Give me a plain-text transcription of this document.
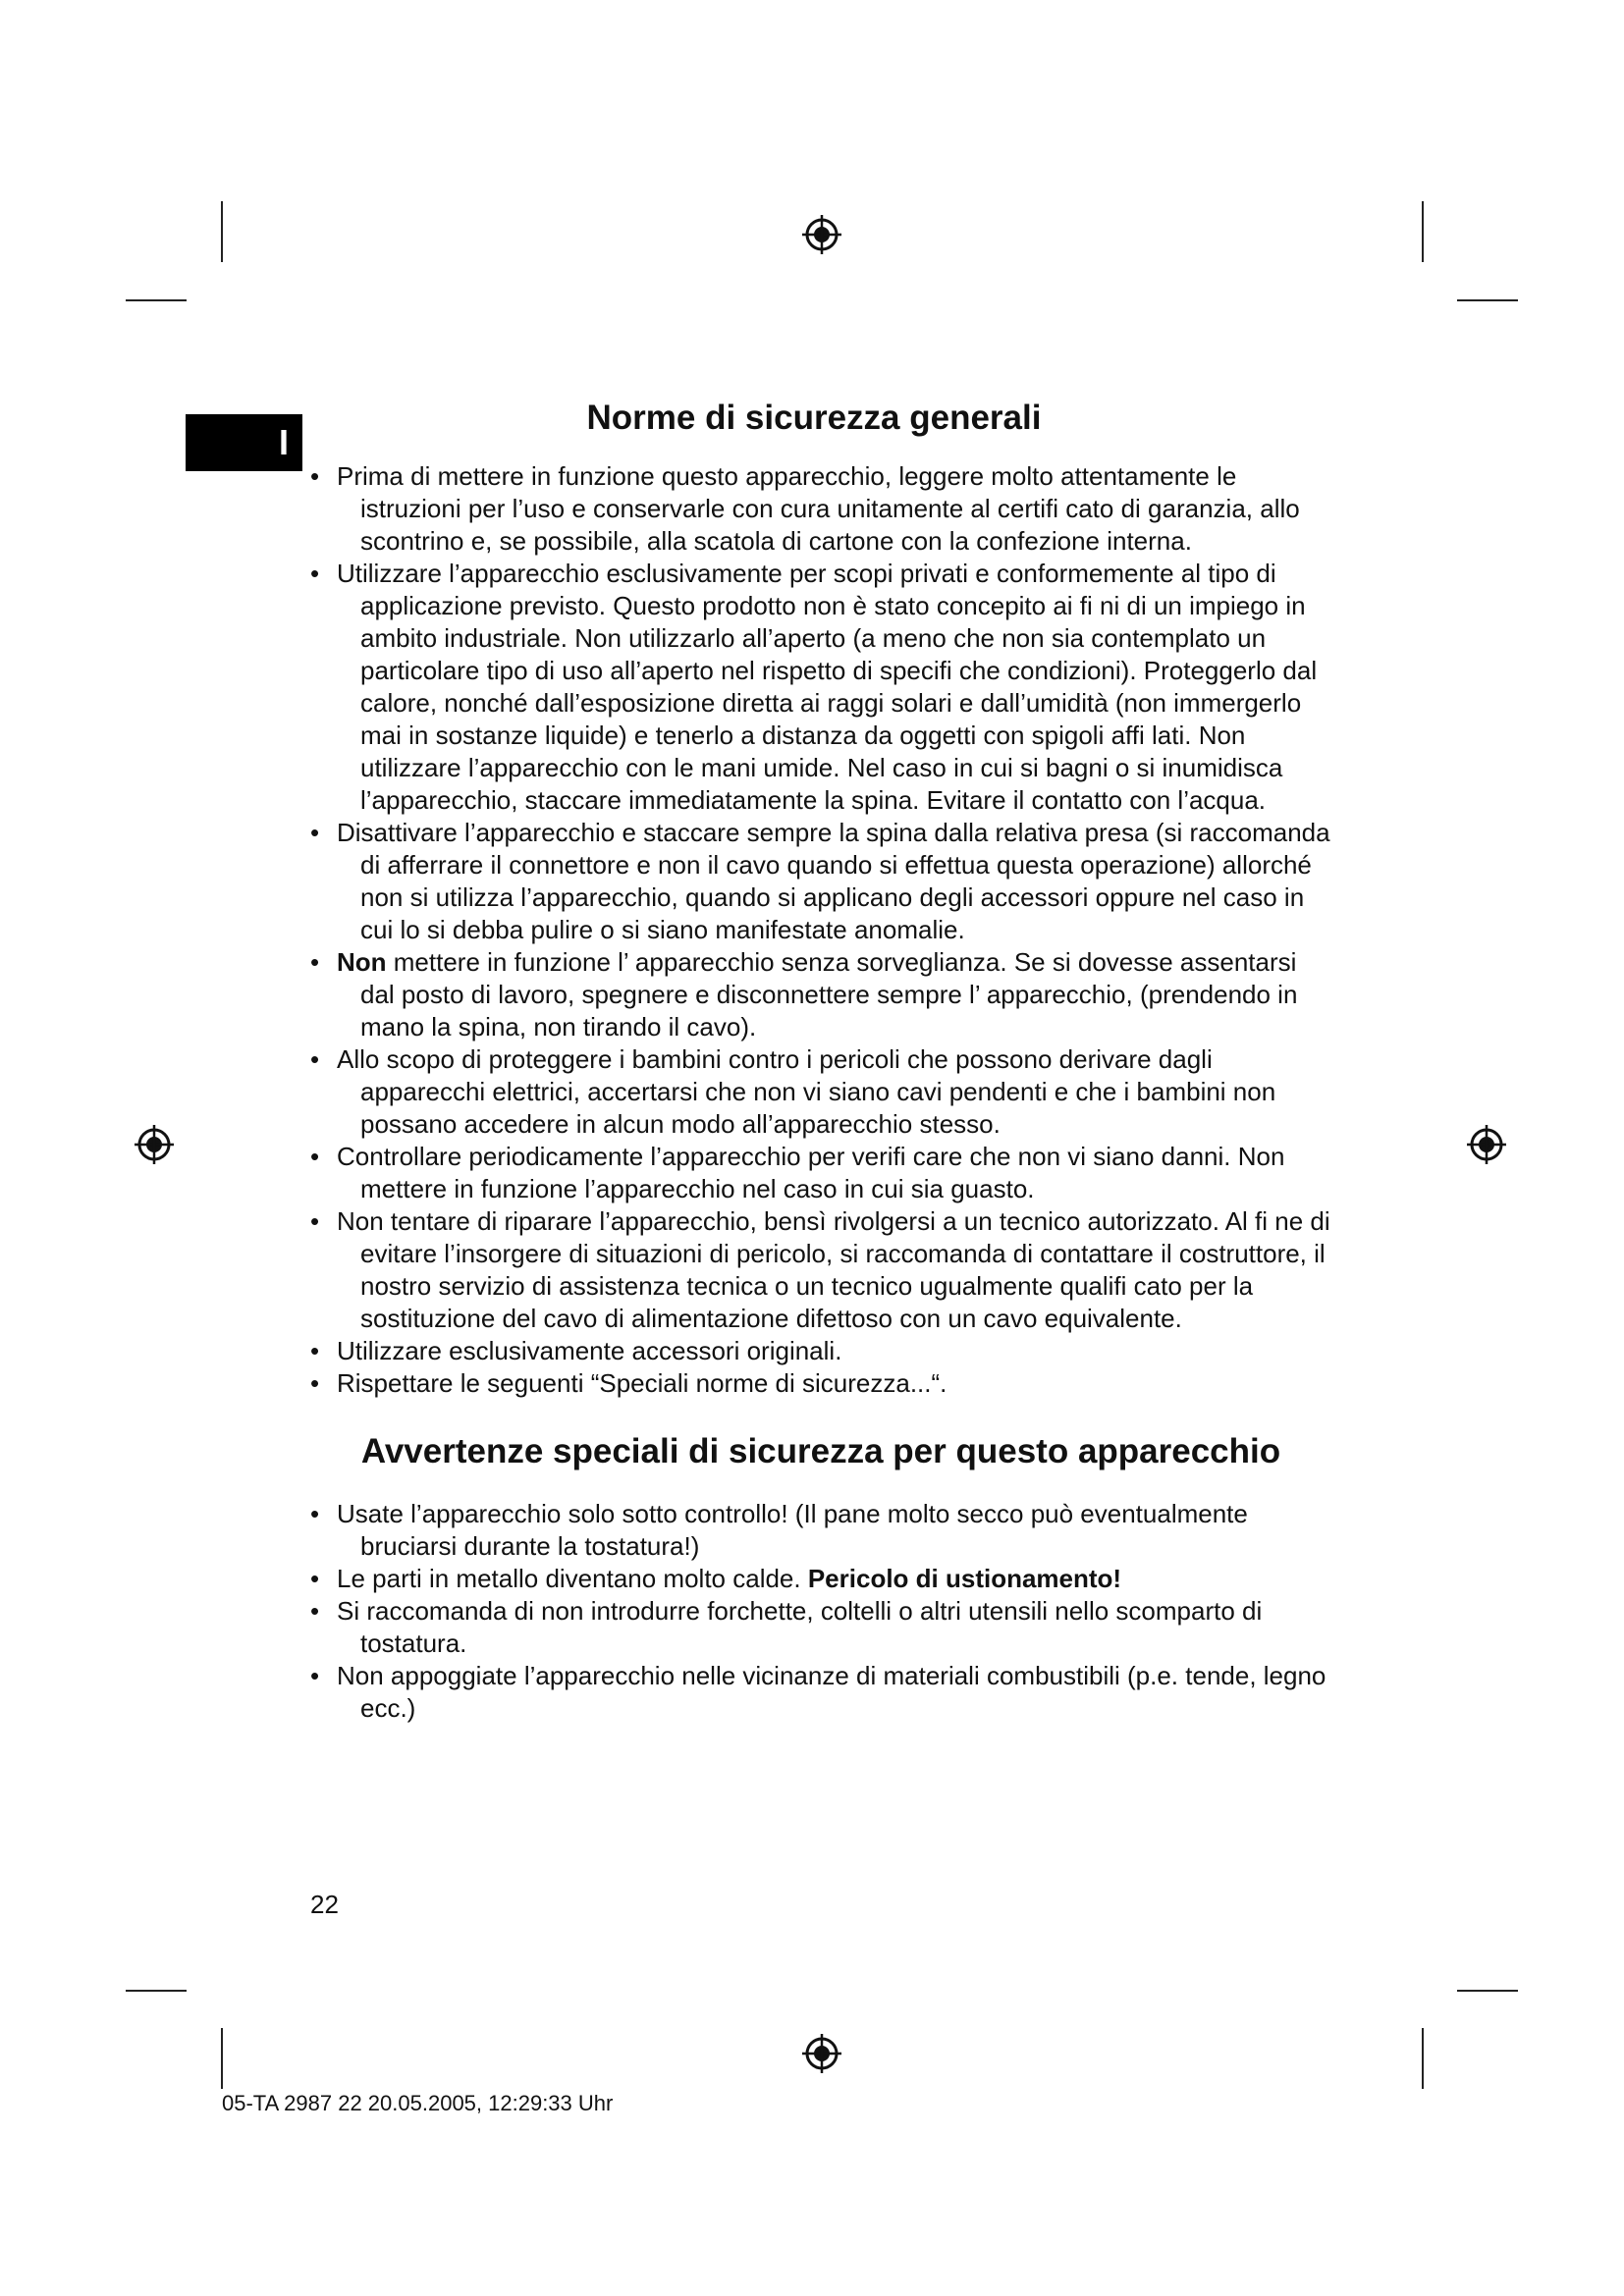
I
Norme di sicurezza generali
• Prima di mettere in funzione questo apparecchio, leggere molto attentamente le istruzioni per l’uso e conservarle con cura unitamente al certifi cato di garanzia, allo scontrino e, se possibile, alla scatola di cartone con la confezione interna.
• Utilizzare l’apparecchio esclusivamente per scopi privati e conformemente al tipo di applicazione previsto. Questo prodotto non è stato concepito ai fi ni di un impiego in ambito industriale. Non utilizzarlo all’aperto (a meno che non sia contemplato un particolare tipo di uso all’aperto nel rispetto di specifi che condizioni). Proteggerlo dal calore, nonché dall’esposizione diretta ai raggi solari e dall’umidità (non immergerlo mai in sostanze liquide) e tenerlo a distanza da oggetti con spigoli affi lati. Non utilizzare l’apparecchio con le mani umide. Nel caso in cui si bagni o si inumidisca l’apparecchio, staccare immediatamente la spina. Evitare il contatto con l’acqua.
• Disattivare l’apparecchio e staccare sempre la spina dalla relativa presa (si raccomanda di afferrare il connettore e non il cavo quando si effettua questa operazione) allorché non si utilizza l’apparecchio, quando si applicano degli accessori oppure nel caso in cui lo si debba pulire o si siano manifestate anomalie.
• Non mettere in funzione l’ apparecchio senza sorveglianza. Se si dovesse assentarsi dal posto di lavoro, spegnere e disconnettere sempre l’ apparecchio, (prendendo in mano la spina, non tirando il cavo).
• Allo scopo di proteggere i bambini contro i pericoli che possono derivare dagli apparecchi elettrici, accertarsi che non vi siano cavi pendenti e che i bambini non possano accedere in alcun modo all’apparecchio stesso.
• Controllare periodicamente l’apparecchio per verifi care che non vi siano danni. Non mettere in funzione l’apparecchio nel caso in cui sia guasto.
• Non tentare di riparare l’apparecchio, bensì rivolgersi a un tecnico autorizzato. Al fi ne di evitare l’insorgere di situazioni di pericolo, si raccomanda di contattare il costruttore, il nostro servizio di assistenza tecnica o un tecnico ugualmente qualifi cato per la sostituzione del cavo di alimentazione difettoso con un cavo equivalente.
• Utilizzare esclusivamente accessori originali.
• Rispettare le seguenti “Speciali norme di sicurezza...“.
Avvertenze speciali di sicurezza per questo apparecchio
• Usate l’apparecchio solo sotto controllo! (Il pane molto secco può eventualmente bruciarsi durante la tostatura!)
• Le parti in metallo diventano molto calde. Pericolo di ustionamento!
• Si raccomanda di non introdurre forchette, coltelli o altri utensili nello scomparto di tostatura.
• Non appoggiate l’apparecchio nelle vicinanze di materiali combustibili (p.e. tende, legno ecc.)
22
05-TA 2987 22 20.05.2005, 12:29:33 Uhr
